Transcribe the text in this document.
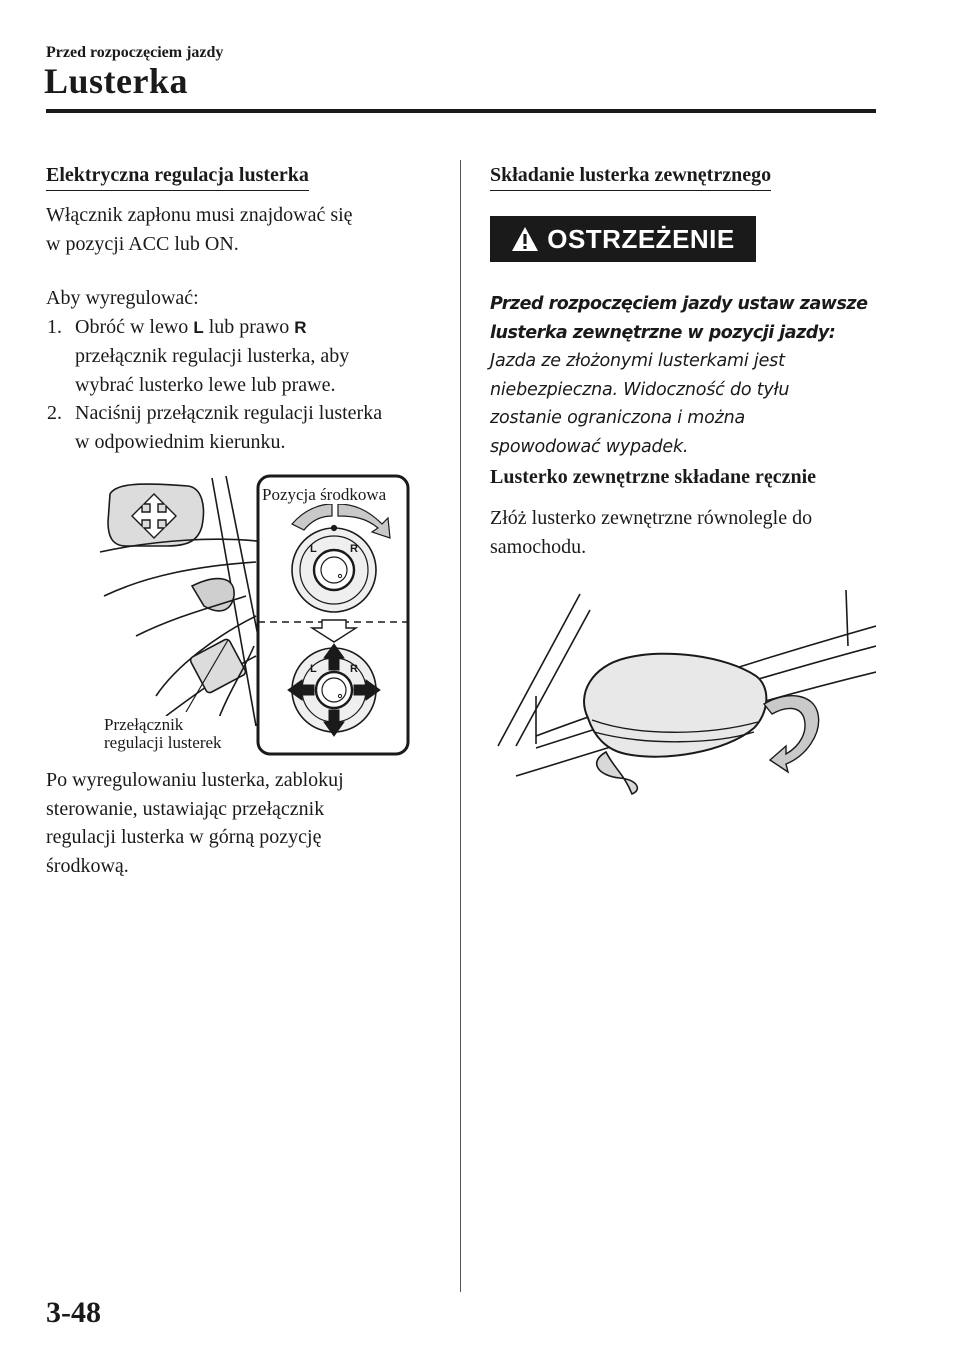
Przed rozpoczęciem jazdy
Lusterka
Elektryczna regulacja lusterka
Włącznik zapłonu musi znajdować się
w pozycji ACC lub ON.
Aby wyregulować:
1. Obróć w lewo L lub prawo R
przełącznik regulacji lusterka, aby
wybrać lusterko lewe lub prawe.
2. Naciśnij przełącznik regulacji lusterka
w odpowiednim kierunku.
L	R
L	R
Pozycja środkowa
Przełącznik
regulacji lusterek
Po wyregulowaniu lusterka, zablokuj
sterowanie, ustawiając przełącznik
regulacji lusterka w górną pozycję
środkową.
Składanie lusterka zewnętrznego
OSTRZEŻENIE
Przed rozpoczęciem jazdy ustaw zawsze
lusterka zewnętrzne w pozycji jazdy:
Jazda ze złożonymi lusterkami jest
niebezpieczna. Widoczność do tyłu
zostanie ograniczona i można
spowodować wypadek.
Lusterko zewnętrzne składane ręcznie
Złóż lusterko zewnętrzne równolegle do
samochodu.
3-48
